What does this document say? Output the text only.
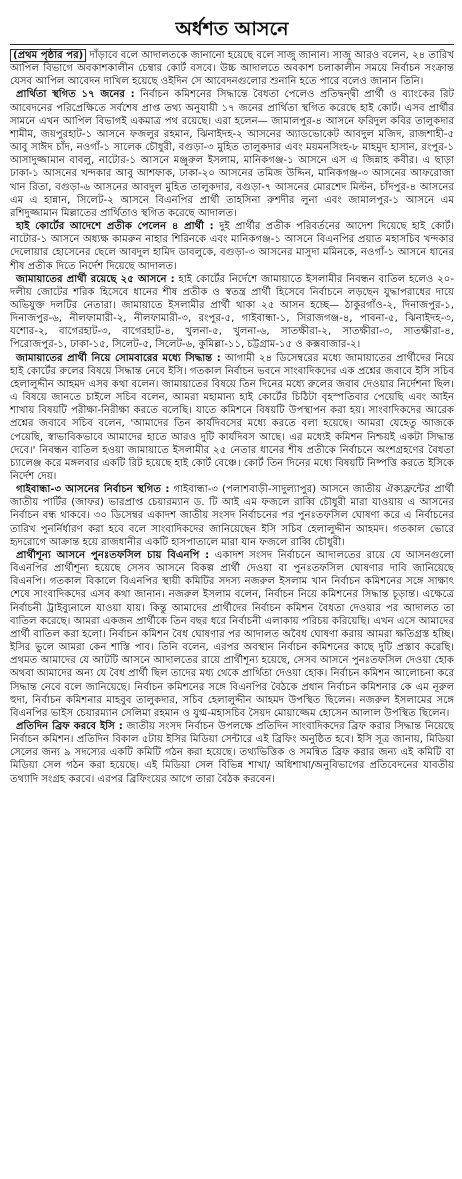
অর্ধশত আসনে

(প্রথম পৃষ্ঠার পর) দাঁড়াবে বলে আদালতকে জানানো হয়েছে বলে সাজু জানান। সাজু আরও বলেন, ২৪ তারিখ আপিল বিভাগে অবকাশকালীন চেম্বার কোর্ট বসবে। উচ্চ আদালতে অবকাশ চলাকালীন সময়ে নির্বাচন সংক্রান্ত যেসব আপিল আবেদন দাখিল হয়েছে ওইদিন সে আবেদনগুলোর শুনানি হতে পারে বলেও জানান তিনি।

প্রার্থিতা স্থগিত ১৭ জনের : নির্বাচন কমিশনের সিদ্ধান্তে বৈধতা পেলেও প্রতিদ্বন্দ্বী প্রার্থী ও ব্যাংকের রিট আবেদনের পরিপ্রেক্ষিতে সর্বশেষ প্রাপ্ত তথ্য অনুযায়ী ১৭ জনের প্রার্থিতা স্থগিত করেছে হাই কোর্ট। এসব প্রার্থীর সামনে এখন আপিল বিভাগই একমাত্র পথ রয়েছে। এরা হলেন— জামালপুর-৪ আসনে ফরিদুল কবির তালুকদার শামীম, জয়পুরহাট-১ আসনে ফজলুর রহমান, ঝিনাইদহ-২ আসনের অ্যাডভোকেট আবদুল মজিদ, রাজশাহী-৫ আবু সাঈদ চাঁদ, নওগাঁ-১ সালেক চৌধুরী, বগুড়া-৩ মুহিত তালুকদার এবং ময়মনসিংহ-৮ মাহমুদ হাসান, রংপুর-১ আসাদুজ্জামান বাবলু, নাটোর-১ আসনে মঞ্জুরুল ইসলাম, মানিকগঞ্জ-১ আসনে এস এ জিন্নাহ কবীর। এ ছাড়া ঢাকা-১ আসনের খন্দকার আবু আশফাক, ঢাকা-২০ আসনের তমিজ উদ্দিন, মানিকগঞ্জ-৩ আসনের আফরোজা খান রিতা, বগুড়া-৬ আসনের আবদুল মুহিত তালুকদার, বগুড়া-৭ আসনের মোরশেদ মিল্টন, চাঁদপুর-৪ আসনের এম এ হান্নান, সিলেট-২ আসনে বিএনপির প্রার্থী তাহসিনা রুশদীর লুনা এবং জামালপুর-১ আসনে এম রশিদুজ্জামান মিল্লাতের প্রার্থিতাও স্থগিত করেছে আদালত।

হাই কোর্টের আদেশে প্রতীক পেলেন ৪ প্রার্থী : দুই প্রার্থীর প্রতীক পরিবর্তনের আদেশ দিয়েছে হাই কোর্ট। নাটোর-১ আসনে অধ্যক্ষ কামরুন নাহার শিরিনকে এবং মানিকগঞ্জ-১ আসনে বিএনপির প্রয়াত মহাসচিব খন্দকার দেলোয়ার হোসেনের ছেলে আবদুল হামিদ ডাবলুকে, বগুড়া-৩ আসনের মাসুদা মমিনকে, নওগাঁ-১ আসনে ধানের শীষ প্রতীক দিতে নির্দেশ দিয়েছে আদালত।

জামায়াতের প্রার্থী রয়েছে ২৫ আসনে : হাই কোর্টের নির্দেশে জামায়াতে ইসলামীর নিবন্ধন বাতিল হলেও ২০-দলীয় জোটের শরিক হিসেবে ধানের শীষ প্রতীক ও স্বতন্ত্র প্রার্থী হিসেবে নির্বাচনে লড়ছেন যুদ্ধাপরাধের দায়ে অভিযুক্ত দলটির নেতারা। জামায়াতে ইসলামীর প্রার্থী থাকা ২৫ আসন হচ্ছে— ঠাকুরগাঁও-২, দিনাজপুর-১, দিনাজপুর-৬, নীলফামারী-২, নীলফামারী-৩, রংপুর-৫, গাইবান্ধা-১, সিরাজগঞ্জ-৪, পাবনা-৫, ঝিনাইদহ-৩, যশোর-২, বাগেরহাট-৩, বাগেরহাট-৪, খুলনা-৫, খুলনা-৬, সাতক্ষীরা-২, সাতক্ষীরা-৩, সাতক্ষীরা-৪, পিরোজপুর-১, ঢাকা-১৫, সিলেট-৫, সিলেট-৬, কুমিল্লা-১১, চট্টগ্রাম-১৫ ও কক্সবাজার-২।

জামায়াতের প্রার্থী নিয়ে সোমবারের মধ্যে সিদ্ধান্ত : আগামী ২৪ ডিসেম্বরের মধ্যে জামায়াতের প্রার্থীদের নিয়ে হাই কোর্টের রুলের বিষয়ে সিদ্ধান্ত নেবে ইসি। গতকাল নির্বাচন ভবনে সাংবাদিকদের এক প্রশ্নের জবাবে ইসি সচিব হেলালুদ্দীন আহমদ এসব কথা বলেন। জামায়াতের বিষয়ে তিন দিনের মধ্যে রুলের জবাব দেওয়ার নির্দেশনা ছিল। এ বিষয়ে জানতে চাইলে সচিব বলেন, আমরা মহামান্য হাই কোর্টের চিঠিটা বৃহস্পতিবার পেয়েছি এবং আইন শাখায় বিষয়টি পরীক্ষা-নিরীক্ষা করতে বলেছি। যাতে কমিশনে বিষয়টি উপস্থাপন করা হয়। সাংবাদিকদের আরেক প্রশ্নের জবাবে সচিব বলেন, 'আমাদের তিন কার্যদিবসের মধ্যে করতে বলা হয়েছে। আমরা যেহেতু আজকে পেয়েছি, স্বাভাবিকভাবে আমাদের হাতে আরও দুটি কার্যদিবস আছে। এর মধ্যেই কমিশন নিশ্চয়ই একটা সিদ্ধান্ত দেবে।' নিবন্ধন বাতিল হওয়া জামায়াতে ইসলামীর ২৫ নেতার ধানের শীষ প্রতীকে নির্বাচনে অংশগ্রহণের বৈধতা চ্যালেঞ্জ করে মঙ্গলবার একটি রিট হয়েছে হাই কোর্ট বেঞ্চে। কোর্ট তিন দিনের মধ্যে বিষয়টি নিষ্পত্তি করতে ইসিকে নির্দেশ দেয়।

গাইবান্ধা-৩ আসনের নির্বাচন স্থগিত : গাইবান্ধা-৩ (পলাশবাড়ী-সাদুল্যাপুর) আসনে জাতীয় ঐক্যফ্রন্টের প্রার্থী জাতীয় পার্টির (জাফর) ভারপ্রাপ্ত চেয়ারম্যান ড. টি আই এম ফজলে রাব্বি চৌধুরী মারা যাওয়ায় এ আসনের নির্বাচন বন্ধ থাকবে। ৩০ ডিসেম্বর একাদশ জাতীয় সংসদ নির্বাচনের পর পুনঃতফসিল ঘোষণা করে এ নির্বাচনের তারিখ পুনর্নির্ধারণ করা হবে বলে সাংবাদিকদের জানিয়েছেন ইসি সচিব হেলালুদ্দীন আহমদ। গতকাল ভোরে হৃদরোগে আক্রান্ত হয়ে রাজধানীর একটি হাসপাতালে মারা যান ফজলে রাব্বি চৌধুরী।

প্রার্থীশূন্য আসনে পুনঃতফসিল চায় বিএনপি : একাদশ সংসদ নির্বাচনে আদালতের রায়ে যে আসনগুলো বিএনপির প্রার্থীশূন্য হয়েছে সেসব আসনে বিকল্প প্রার্থী দেওয়া বা পুনঃতফসিল ঘোষণার দাবি জানিয়েছে বিএনপি। গতকাল বিকালে বিএনপির স্থায়ী কমিটির সদস্য নজরুল ইসলাম খান নির্বাচন কমিশনের সঙ্গে সাক্ষাৎ শেষে সাংবাদিকদের এসব কথা জানান। নজরুল ইসলাম বলেন, নির্বাচন নিয়ে কমিশনের সিদ্ধান্ত চূড়ান্ত। এক্ষেত্রে নির্বাচনী ট্রাইব্যুনালে যাওয়া যায়। কিন্তু আমাদের প্রার্থীদের নির্বাচন কমিশন বৈধতা দেওয়ার পর আদালত তা বাতিল করেছে। আমরা একজন প্রার্থীকে তিন বছর ধরে নির্বাচনী এলাকায় পরিচয় করিয়েছি। এখন এসে আমাদের প্রার্থী বাতিল করা হলো। নির্বাচন কমিশন বৈধ ঘোষণার পর আদালত অবৈধ ঘোষণা করায় আমরা ক্ষতিগ্রস্ত হচ্ছি। ইসির ভুলে আমরা কেন শাস্তি পাব। তিনি বলেন, এরপর অবস্থান নির্বাচন কমিশনের কাছে দুটি প্রস্তাব করেছি। প্রথমত আমাদের যে আটটি আসনে আদালতের রায়ে প্রার্থীশূন্য হয়েছে, সেসব আসনে পুনঃতফসিল দেওয়া হোক অথবা আমাদের অন্য যে বৈধ প্রার্থী ছিল তাদের মধ্য থেকে প্রার্থিতা দেওয়া হোক। নির্বাচন কমিশন আলোচনা করে সিদ্ধান্ত নেবে বলে জানিয়েছে। নির্বাচন কমিশনের সঙ্গে বিএনপির বৈঠকে প্রধান নির্বাচন কমিশনার কে এম নূরুল হুদা, নির্বাচন কমিশনার মাহবুব তালুকদার, সচিব হেলালুদ্দীন আহমদ উপস্থিত ছিলেন। নজরুল ইসলামের সঙ্গে বিএনপির ভাইস চেয়ারম্যান সেলিমা রহমান ও যুগ্ম-মহাসচিব সৈয়দ মোয়াজ্জেম হোসেন আলাল উপস্থিত ছিলেন।

প্রতিদিন ব্রিফ করবে ইসি : জাতীয় সংসদ নির্বাচন উপলক্ষে প্রতিদিন সাংবাদিকদের ব্রিফ করার সিদ্ধান্ত নিয়েছে নির্বাচন কমিশন। প্রতিদিন বিকাল ৫টায় ইসির মিডিয়া সেন্টারে এই ব্রিফিং অনুষ্ঠিত হবে। ইসি সূত্র জানায়, মিডিয়া সেলের জন্য ৯ সদস্যের একটি কমিটি গঠন করা হয়েছে। তথ্যভিত্তিক ও সমন্বিত ব্রিফ করার জন্য এই কমিটি বা মিডিয়া সেল গঠন করা হয়েছে। এই মিডিয়া সেল বিভিন্ন শাখা/ অধিশাখা/অনুবিভাগের প্রতিবেদনের যাবতীয় তথ্যাদি সংগ্রহ করবে। এরপর ব্রিফিংয়ের আগে তারা বৈঠক করবেন।
